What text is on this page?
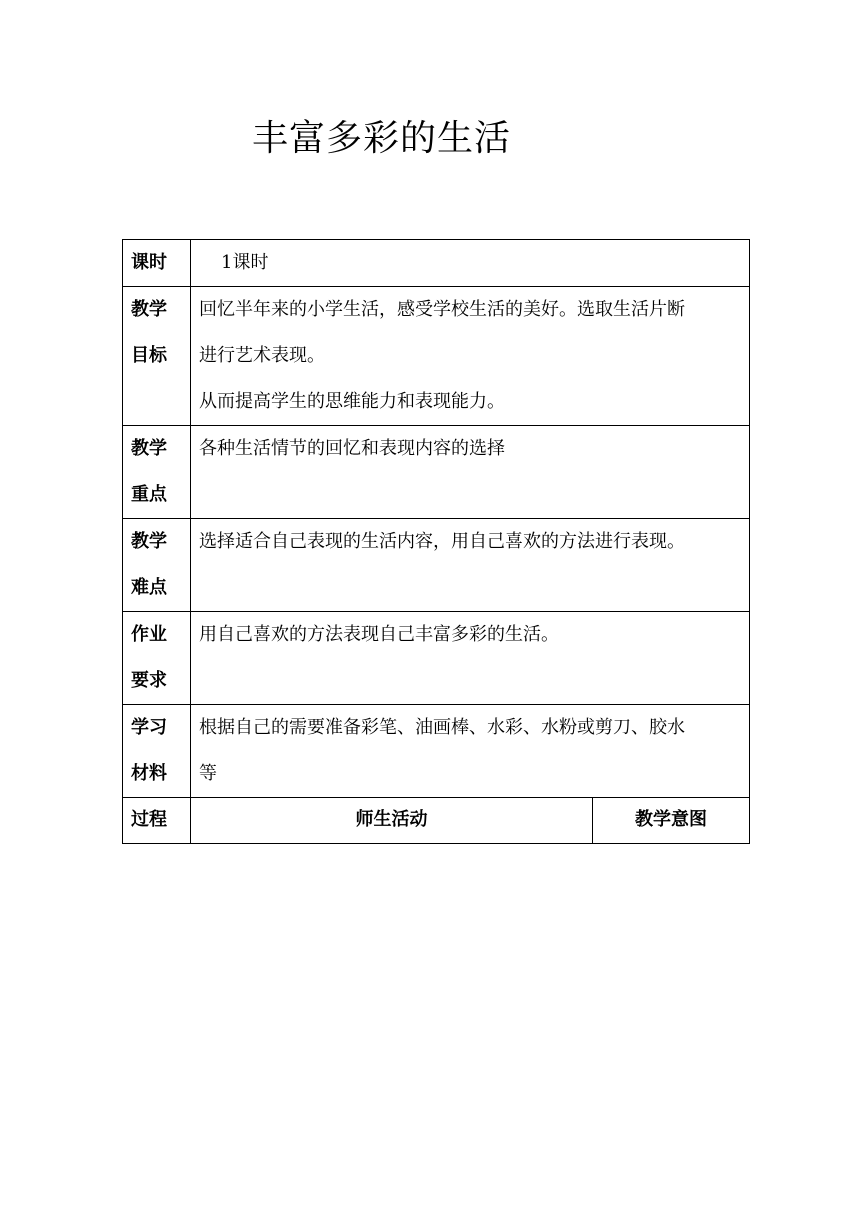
丰富多彩的生活
课时	1课时	

教学
目标	回忆半年来的小学生活，感受学校生活的美好。选取生活片断
进行艺术表现。
从而提高学生的思维能力和表现能力。	

教学
重点	各种生活情节的回忆和表现内容的选择	

教学
难点	选择适合自己表现的生活内容，用自己喜欢的方法进行表现。	

作业
要求	用自己喜欢的方法表现自己丰富多彩的生活。	

学习
材料	根据自己的需要准备彩笔、油画棒、水彩、水粉或剪刀、胶水
等	

过程	师生活动	教学意图
